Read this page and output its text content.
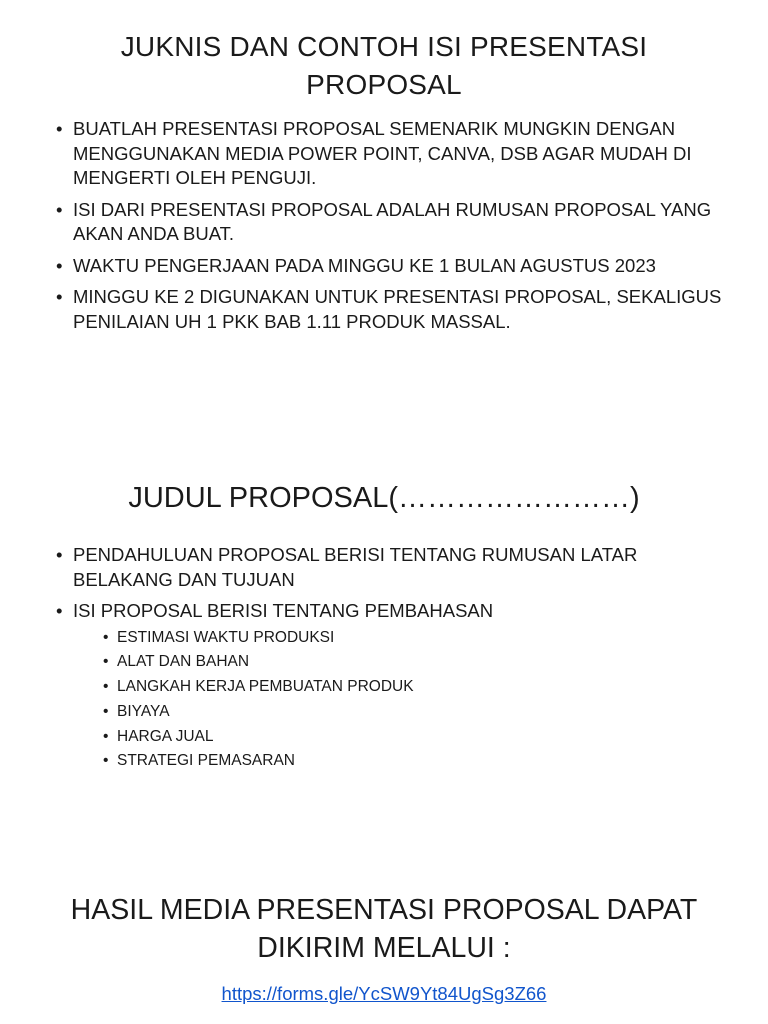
JUKNIS DAN CONTOH ISI PRESENTASI PROPOSAL
• BUATLAH PRESENTASI PROPOSAL SEMENARIK MUNGKIN DENGAN MENGGUNAKAN MEDIA POWER POINT, CANVA, DSB AGAR MUDAH DI MENGERTI OLEH PENGUJI.
• ISI DARI PRESENTASI PROPOSAL ADALAH RUMUSAN PROPOSAL YANG AKAN ANDA BUAT.
• WAKTU PENGERJAAN PADA MINGGU KE 1 BULAN AGUSTUS 2023
• MINGGU KE 2 DIGUNAKAN UNTUK PRESENTASI PROPOSAL, SEKALIGUS PENILAIAN UH 1 PKK BAB 1.11 PRODUK MASSAL.
JUDUL PROPOSAL(……………………)
• PENDAHULUAN PROPOSAL BERISI TENTANG RUMUSAN LATAR BELAKANG DAN TUJUAN
• ISI PROPOSAL BERISI TENTANG PEMBAHASAN
• ESTIMASI WAKTU PRODUKSI
• ALAT DAN BAHAN
• LANGKAH KERJA PEMBUATAN PRODUK
• BIYAYA
• HARGA JUAL
• STRATEGI PEMASARAN
HASIL MEDIA PRESENTASI PROPOSAL DAPAT DIKIRIM MELALUI :
https://forms.gle/YcSW9Yt84UgSg3Z66
